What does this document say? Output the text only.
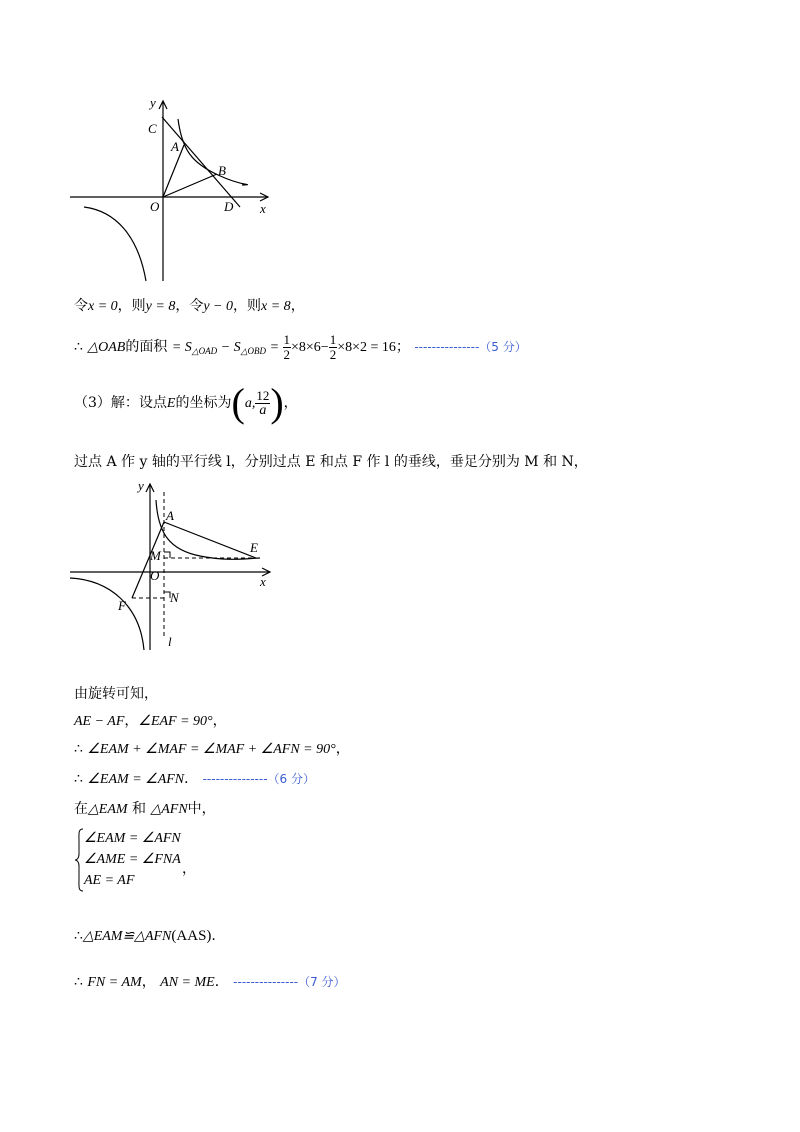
y
x
C
A
B
O	D
令x = 0，则y = 8，令y − 0，则x = 8，
∴ △OAB的面积 = $S_{\triangle OAD} - S_{\triangle OBD} = \frac{1}{2} \times 8\times 6- \frac{1}{2} \times 8\times 2 = 16$； ---------------（5 分）
（3）解：设点E的坐标为(a, $\frac{12}{a}$ )，
过点 A 作 y 轴的平行线 l，分别过点 E 和点 F 作 l 的垂线，垂足分别为 M 和 N，
y
x
A
E
M
O
F
N
l
由旋转可知，
AE − AF，∠EAF = 90°，
∴ ∠EAM + ∠MAF = ∠MAF + ∠AFN = 90°，
∴ ∠EAM = ∠AFN． ---------------（6 分）
在△EAM 和 △AFN中，
∠EAM = ∠AFN
∠AME = ∠FNA
AE = AF
，
∴△EAM≌△AFN(AAS).
∴ FN = AM， AN = ME． ---------------（7 分）
